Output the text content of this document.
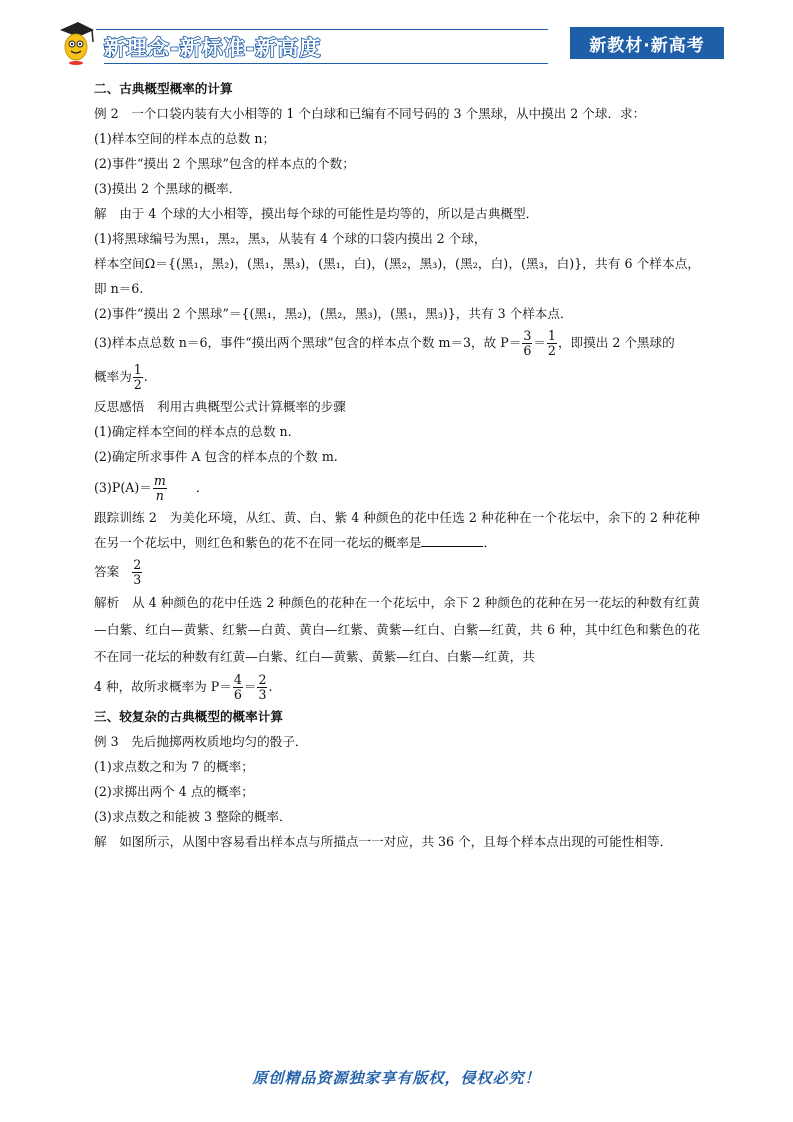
新理念-新标准-新高度	新教材·新高考
二、古典概型概率的计算
例 2　一个口袋内装有大小相等的 1 个白球和已编有不同号码的 3 个黑球，从中摸出 2 个球．求：
(1)样本空间的样本点的总数 n；
(2)事件“摸出 2 个黑球”包含的样本点的个数；
(3)摸出 2 个黑球的概率．
解　由于 4 个球的大小相等，摸出每个球的可能性是均等的，所以是古典概型．
(1)将黑球编号为黑₁，黑₂，黑₃，从装有 4 个球的口袋内摸出 2 个球，
样本空间Ω＝{(黑₁，黑₂)，(黑₁，黑₃)，(黑₁，白)，(黑₂，黑₃)，(黑₂，白)，(黑₃，白)}，共有 6 个样本点，即 n＝6.
(2)事件“摸出 2 个黑球”＝{(黑₁，黑₂)，(黑₂，黑₃)，(黑₁，黑₃)}，共有 3 个样本点．
(3)样本点总数 n＝6，事件“摸出两个黑球”包含的样本点个数 m＝3，故 $P= \frac{3}{6} = \frac{1}{2}$ ，即摸出 2 个黑球的
概率为 $\frac{1}{2}$ .
反思感悟　利用古典概型公式计算概率的步骤
(1)确定样本空间的样本点的总数 n.
(2)确定所求事件 A 包含的样本点的个数 m.
$(3)P(A)= \frac{m}{n}$ ．
跟踪训练 2　为美化环境，从红、黄、白、紫 4 种颜色的花中任选 2 种花种在一个花坛中，余下的 2 种花种在另一个花坛中，则红色和紫色的花不在同一花坛的概率是	．
答案 $\frac{2}{3}$
解析　从 4 种颜色的花中任选 2 种颜色的花种在一个花坛中，余下 2 种颜色的花种在另一花坛的种数有红黄—白紫、红白—黄紫、红紫—白黄、黄白—红紫、黄紫—红白、白紫—红黄，共 6 种，其中红色和紫色的花不在同一花坛的种数有红黄—白紫、红白—黄紫、黄紫—红白、白紫—红黄，共
4 种，故所求概率为 $P= \frac{4}{6} = \frac{2}{3}$ .
三、较复杂的古典概型的概率计算
例 3　先后抛掷两枚质地均匀的骰子．
(1)求点数之和为 7 的概率；
(2)求掷出两个 4 点的概率；
(3)求点数之和能被 3 整除的概率．
解　如图所示，从图中容易看出样本点与所描点一一对应，共 36 个，且每个样本点出现的可能性相等．
原创精品资源独家享有版权，侵权必究！
